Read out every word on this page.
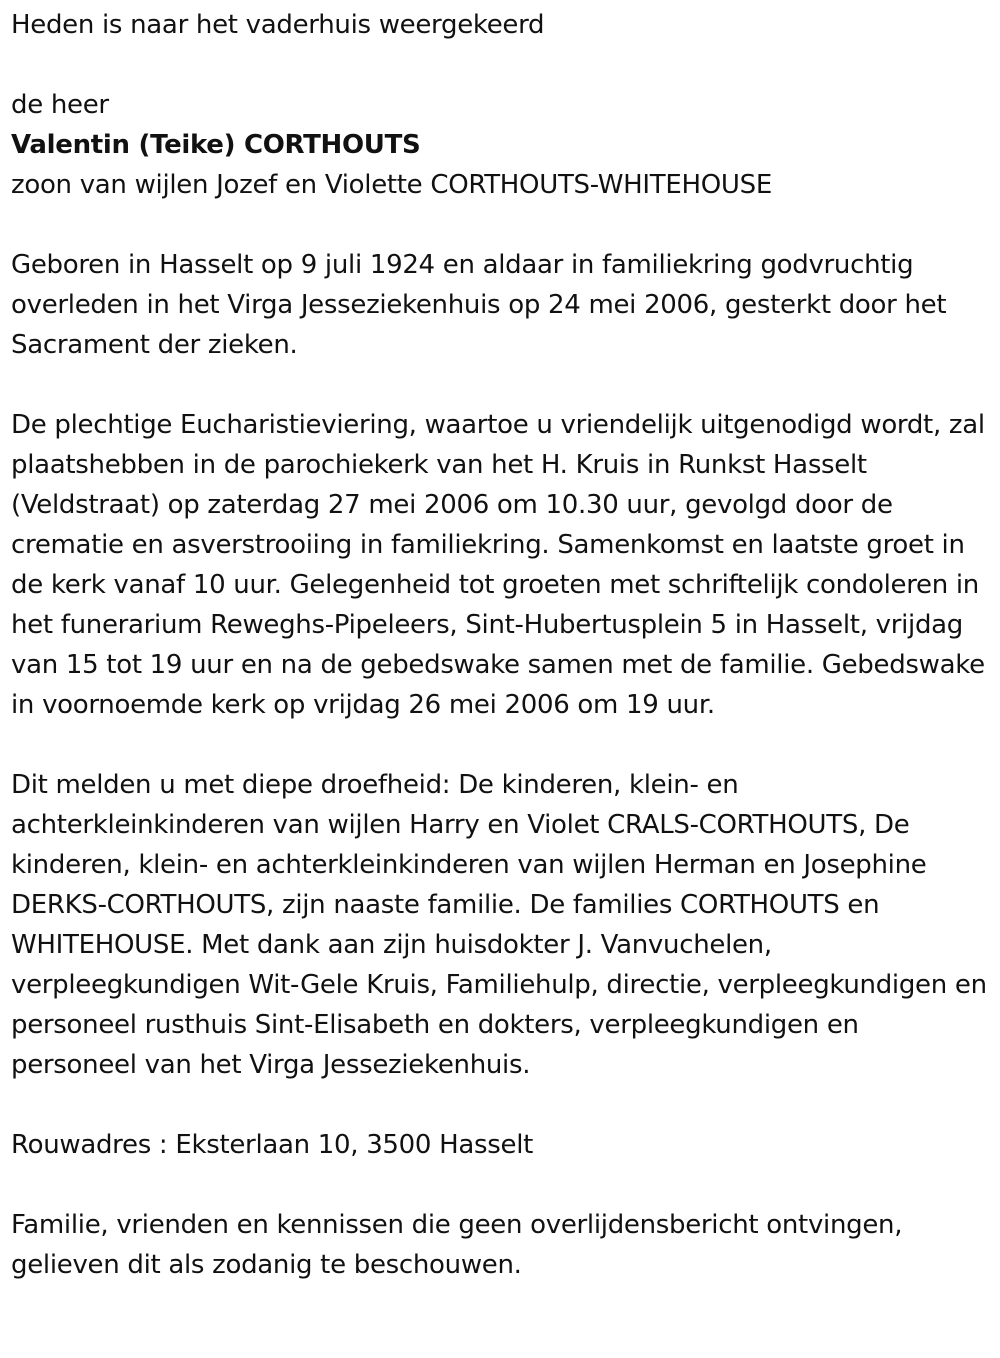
Heden is naar het vaderhuis weergekeerd

de heer

Valentin (Teike) CORTHOUTS

zoon van wijlen Jozef en Violette CORTHOUTS-WHITEHOUSE

Geboren in Hasselt op 9 juli 1924 en aldaar in familiekring godvruchtig overleden in het Virga Jesseziekenhuis op 24 mei 2006, gesterkt door het Sacrament der zieken.

De plechtige Eucharistieviering, waartoe u vriendelijk uitgenodigd wordt, zal plaatshebben in de parochiekerk van het H. Kruis in Runkst Hasselt (Veldstraat) op zaterdag 27 mei 2006 om 10.30 uur, gevolgd door de crematie en asverstrooiing in familiekring. Samenkomst en laatste groet in de kerk vanaf 10 uur. Gelegenheid tot groeten met schriftelijk condoleren in het funerarium Reweghs-Pipeleers, Sint-Hubertusplein 5 in Hasselt, vrijdag van 15 tot 19 uur en na de gebedswake samen met de familie. Gebedswake in voornoemde kerk op vrijdag 26 mei 2006 om 19 uur.

Dit melden u met diepe droefheid: De kinderen, klein- en achterkleinkinderen van wijlen Harry en Violet CRALS-CORTHOUTS, De kinderen, klein- en achterkleinkinderen van wijlen Herman en Josephine DERKS-CORTHOUTS, zijn naaste familie. De families CORTHOUTS en WHITEHOUSE. Met dank aan zijn huisdokter J. Vanvuchelen, verpleegkundigen Wit-Gele Kruis, Familiehulp, directie, verpleegkundigen en personeel rusthuis Sint-Elisabeth en dokters, verpleegkundigen en personeel van het Virga Jesseziekenhuis.

Rouwadres : Eksterlaan 10, 3500 Hasselt

Familie, vrienden en kennissen die geen overlijdensbericht ontvingen, gelieven dit als zodanig te beschouwen.
